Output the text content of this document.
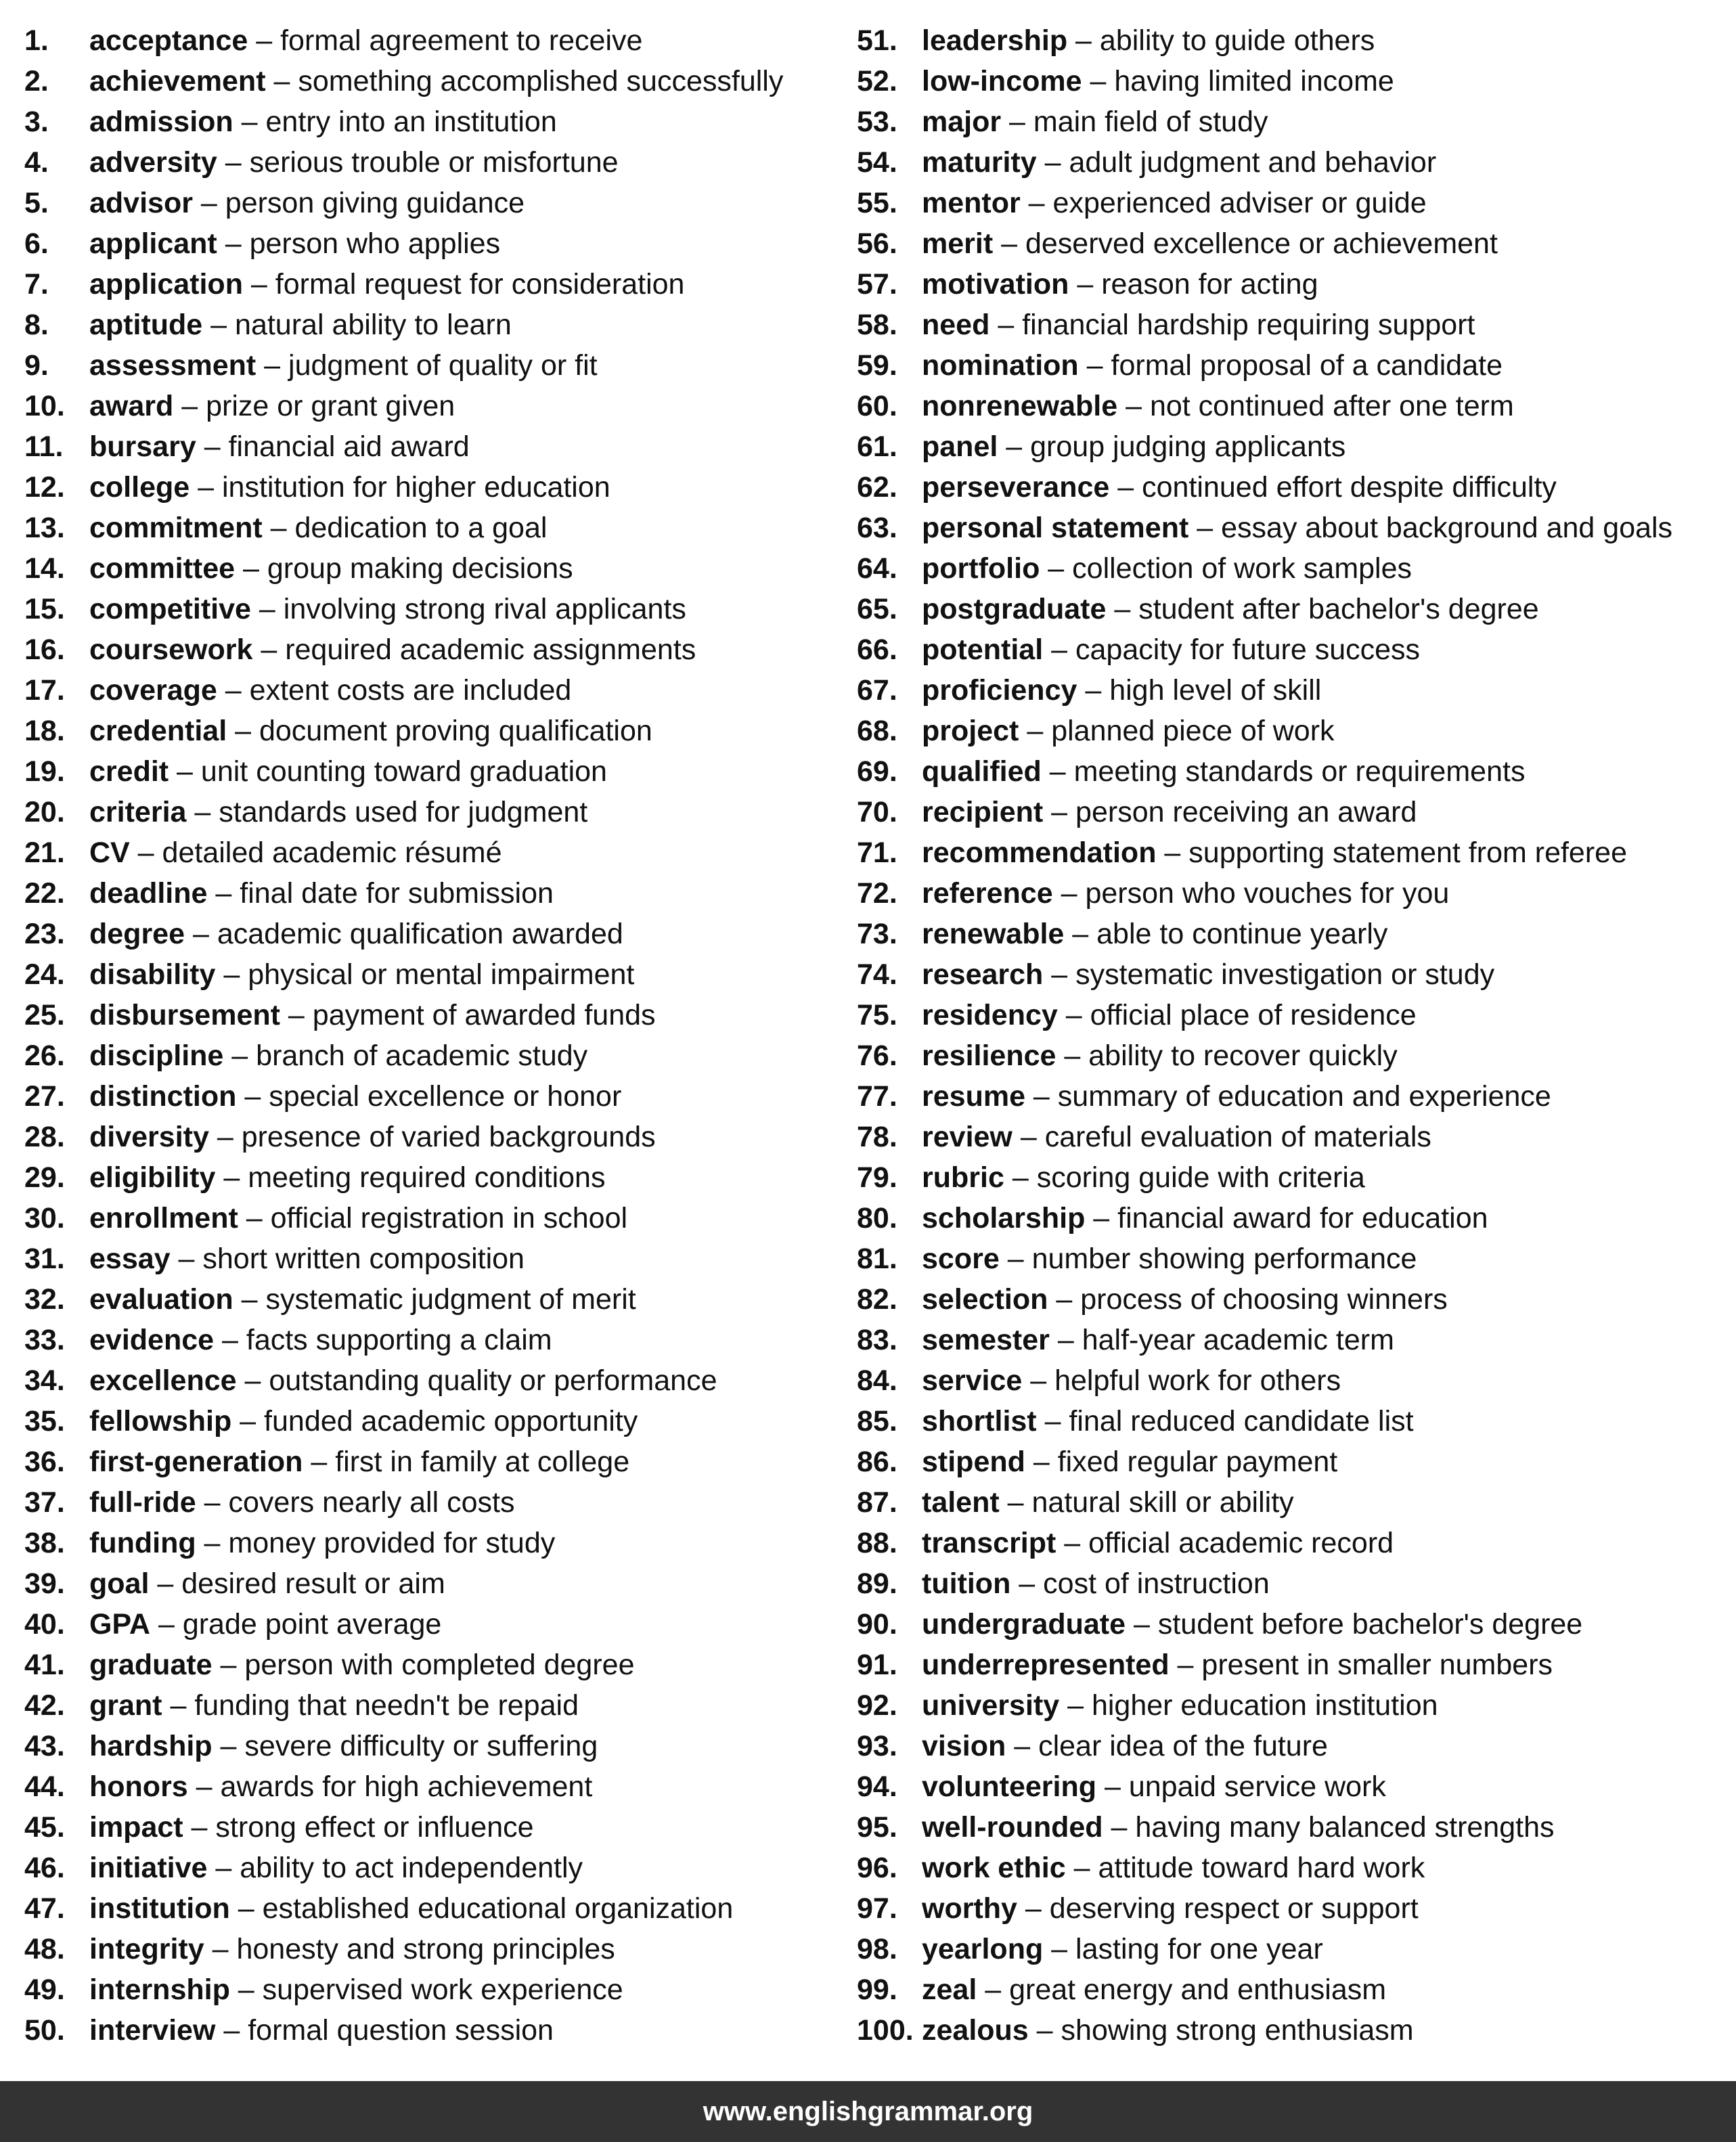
1. acceptance – formal agreement to receive
2. achievement – something accomplished successfully
3. admission – entry into an institution
4. adversity – serious trouble or misfortune
5. advisor – person giving guidance
6. applicant – person who applies
7. application – formal request for consideration
8. aptitude – natural ability to learn
9. assessment – judgment of quality or fit
10. award – prize or grant given
11. bursary – financial aid award
12. college – institution for higher education
13. commitment – dedication to a goal
14. committee – group making decisions
15. competitive – involving strong rival applicants
16. coursework – required academic assignments
17. coverage – extent costs are included
18. credential – document proving qualification
19. credit – unit counting toward graduation
20. criteria – standards used for judgment
21. CV – detailed academic résumé
22. deadline – final date for submission
23. degree – academic qualification awarded
24. disability – physical or mental impairment
25. disbursement – payment of awarded funds
26. discipline – branch of academic study
27. distinction – special excellence or honor
28. diversity – presence of varied backgrounds
29. eligibility – meeting required conditions
30. enrollment – official registration in school
31. essay – short written composition
32. evaluation – systematic judgment of merit
33. evidence – facts supporting a claim
34. excellence – outstanding quality or performance
35. fellowship – funded academic opportunity
36. first-generation – first in family at college
37. full-ride – covers nearly all costs
38. funding – money provided for study
39. goal – desired result or aim
40. GPA – grade point average
41. graduate – person with completed degree
42. grant – funding that needn't be repaid
43. hardship – severe difficulty or suffering
44. honors – awards for high achievement
45. impact – strong effect or influence
46. initiative – ability to act independently
47. institution – established educational organization
48. integrity – honesty and strong principles
49. internship – supervised work experience
50. interview – formal question session
51. leadership – ability to guide others
52. low-income – having limited income
53. major – main field of study
54. maturity – adult judgment and behavior
55. mentor – experienced adviser or guide
56. merit – deserved excellence or achievement
57. motivation – reason for acting
58. need – financial hardship requiring support
59. nomination – formal proposal of a candidate
60. nonrenewable – not continued after one term
61. panel – group judging applicants
62. perseverance – continued effort despite difficulty
63. personal statement – essay about background and goals
64. portfolio – collection of work samples
65. postgraduate – student after bachelor's degree
66. potential – capacity for future success
67. proficiency – high level of skill
68. project – planned piece of work
69. qualified – meeting standards or requirements
70. recipient – person receiving an award
71. recommendation – supporting statement from referee
72. reference – person who vouches for you
73. renewable – able to continue yearly
74. research – systematic investigation or study
75. residency – official place of residence
76. resilience – ability to recover quickly
77. resume – summary of education and experience
78. review – careful evaluation of materials
79. rubric – scoring guide with criteria
80. scholarship – financial award for education
81. score – number showing performance
82. selection – process of choosing winners
83. semester – half-year academic term
84. service – helpful work for others
85. shortlist – final reduced candidate list
86. stipend – fixed regular payment
87. talent – natural skill or ability
88. transcript – official academic record
89. tuition – cost of instruction
90. undergraduate – student before bachelor's degree
91. underrepresented – present in smaller numbers
92. university – higher education institution
93. vision – clear idea of the future
94. volunteering – unpaid service work
95. well-rounded – having many balanced strengths
96. work ethic – attitude toward hard work
97. worthy – deserving respect or support
98. yearlong – lasting for one year
99. zeal – great energy and enthusiasm
100. zealous – showing strong enthusiasm
www.englishgrammar.org
